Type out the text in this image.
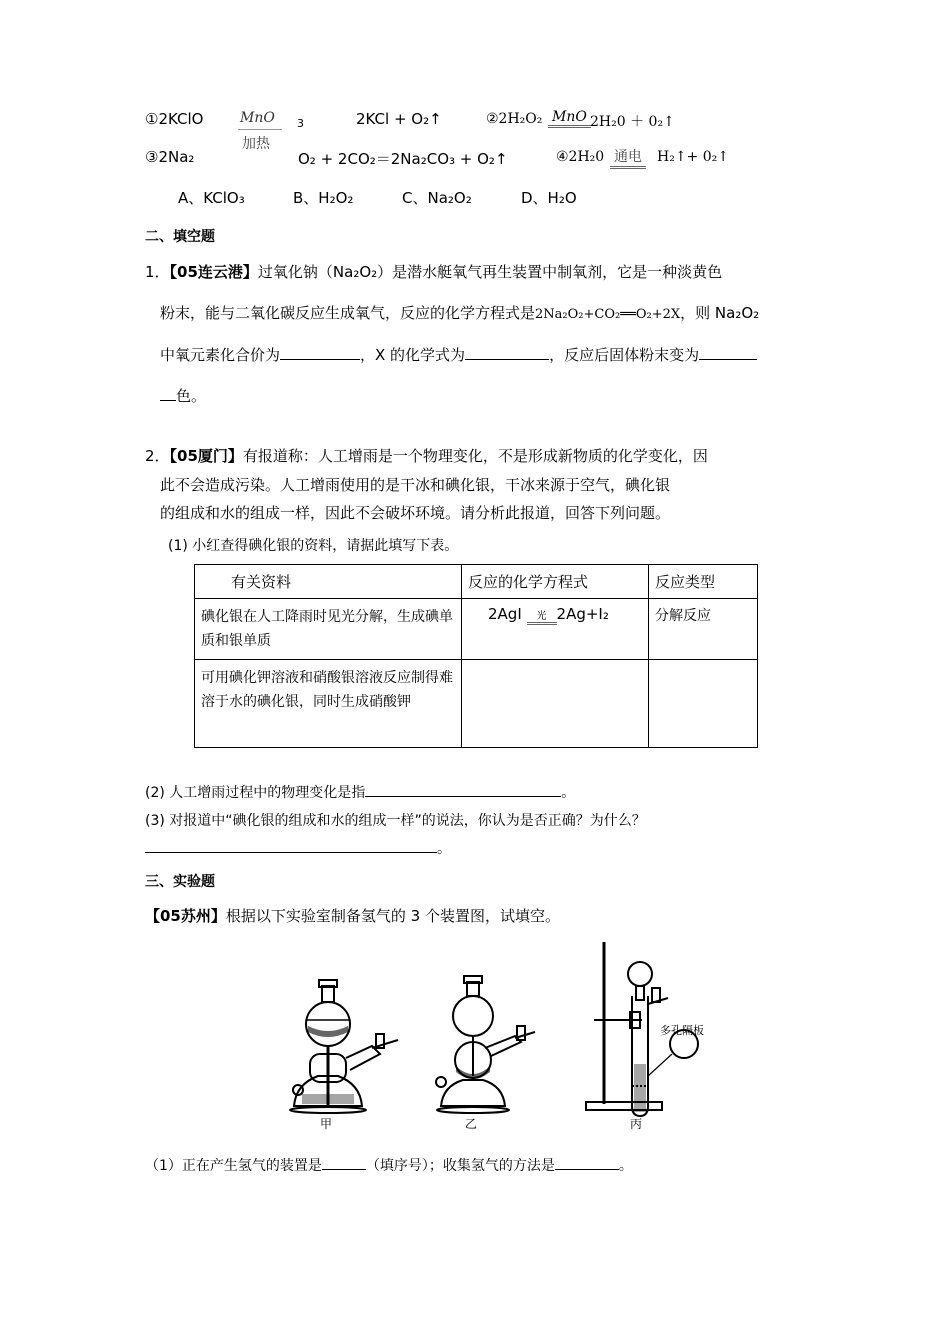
①2KClO	MnO
加热
3	2KCl + O₂↑	②2H₂O₂ MnO 2H₂0 ＋ 0₂↑
③2Na₂	O₂ + 2CO₂＝2Na₂CO₃ + O₂↑	④2H₂0 通电 H₂↑+ 0₂↑
A、KClO₃	B、H₂O₂	C、Na₂O₂	D、H₂O
二、填空题
1．【05连云港】过氧化钠（Na₂O₂）是潜水艇氧气再生装置中制氧剂，它是一种淡黄色
粉末，能与二氧化碳反应生成氧气，反应的化学方程式是2Na₂O₂+CO₂══O₂+2X，则 Na₂O₂
中氧元素化合价为	，X 的化学式为	，反应后固体粉末变为
色。
2．【05厦门】有报道称：人工增雨是一个物理变化，不是形成新物质的化学变化，因
此不会造成污染。人工增雨使用的是干冰和碘化银，干冰来源于空气，碘化银
的组成和水的组成一样，因此不会破坏环境。请分析此报道，回答下列问题。
(1) 小红查得碘化银的资料，请据此填写下表。
有关资料	反应的化学方程式	反应类型
碘化银在人工降雨时见光分解，生成碘单质和银单质	2AgI 光 2Ag+I₂	分解反应
可用碘化钾溶液和硝酸银溶液反应制得难溶于水的碘化银，同时生成硝酸钾		
(2) 人工增雨过程中的物理变化是指	。
(3) 对报道中“碘化银的组成和水的组成一样”的说法，你认为是否正确？为什么？
。
三、实验题
【05苏州】根据以下实验室制备氢气的 3 个装置图，试填空。
甲	乙	丙
多孔隔板
（1）正在产生氢气的装置是	（填序号）；收集氢气的方法是	。
